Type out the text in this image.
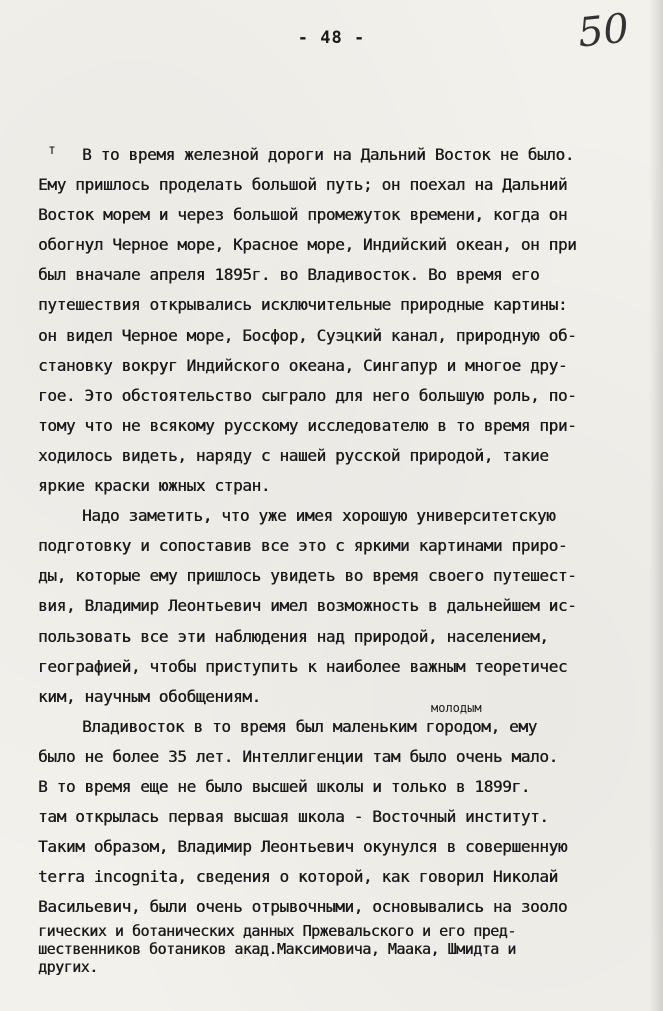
- 48 -	50
т	В то время железной дороги на Дальний Восток не было.
Ему пришлось проделать большой путь; он поехал на Дальний
Восток морем и через большой промежуток времени, когда он
обогнул Черное море, Красное море, Индийский океан, он при
был вначале апреля 1895г. во Владивосток. Во время его
путешествия открывались исключительные природные картины:
он видел Черное море, Босфор, Суэцкий канал, природную об-
становку вокруг Индийского океана, Сингапур и многое дру-
гое. Это обстоятельство сыграло для него большую роль, по-
тому что не всякому русскому исследователю в то время при-
ходилось видеть, наряду с нашей русской природой, такие
яркие краски южных стран.
Надо заметить, что уже имея хорошую университетскую
подготовку и сопоставив все это с яркими картинами приро-
ды, которые ему пришлось увидеть во время своего путешест-
вия, Владимир Леонтьевич имел возможность в дальнейшем ис-
пользовать все эти наблюдения над природой, населением,
географией, чтобы приступить к наиболее важным теоретичес
ким, научным обобщениям.
молодым
Владивосток в то время был маленьким городом, ему
было не более 35 лет. Интеллигенции там было очень мало.
В то время еще не было высшей школы и только в 1899г.
там открылась первая высшая школа - Восточный институт.
Таким образом, Владимир Леонтьевич окунулся в совершенную
terra incognita, сведения о которой, как говорил Николай
Васильевич, были очень отрывочными, основывались на зооло
гических и ботанических данных Пржевальского и его пред-
шественников ботаников акад.Максимовича, Маака, Шмидта и
других.
